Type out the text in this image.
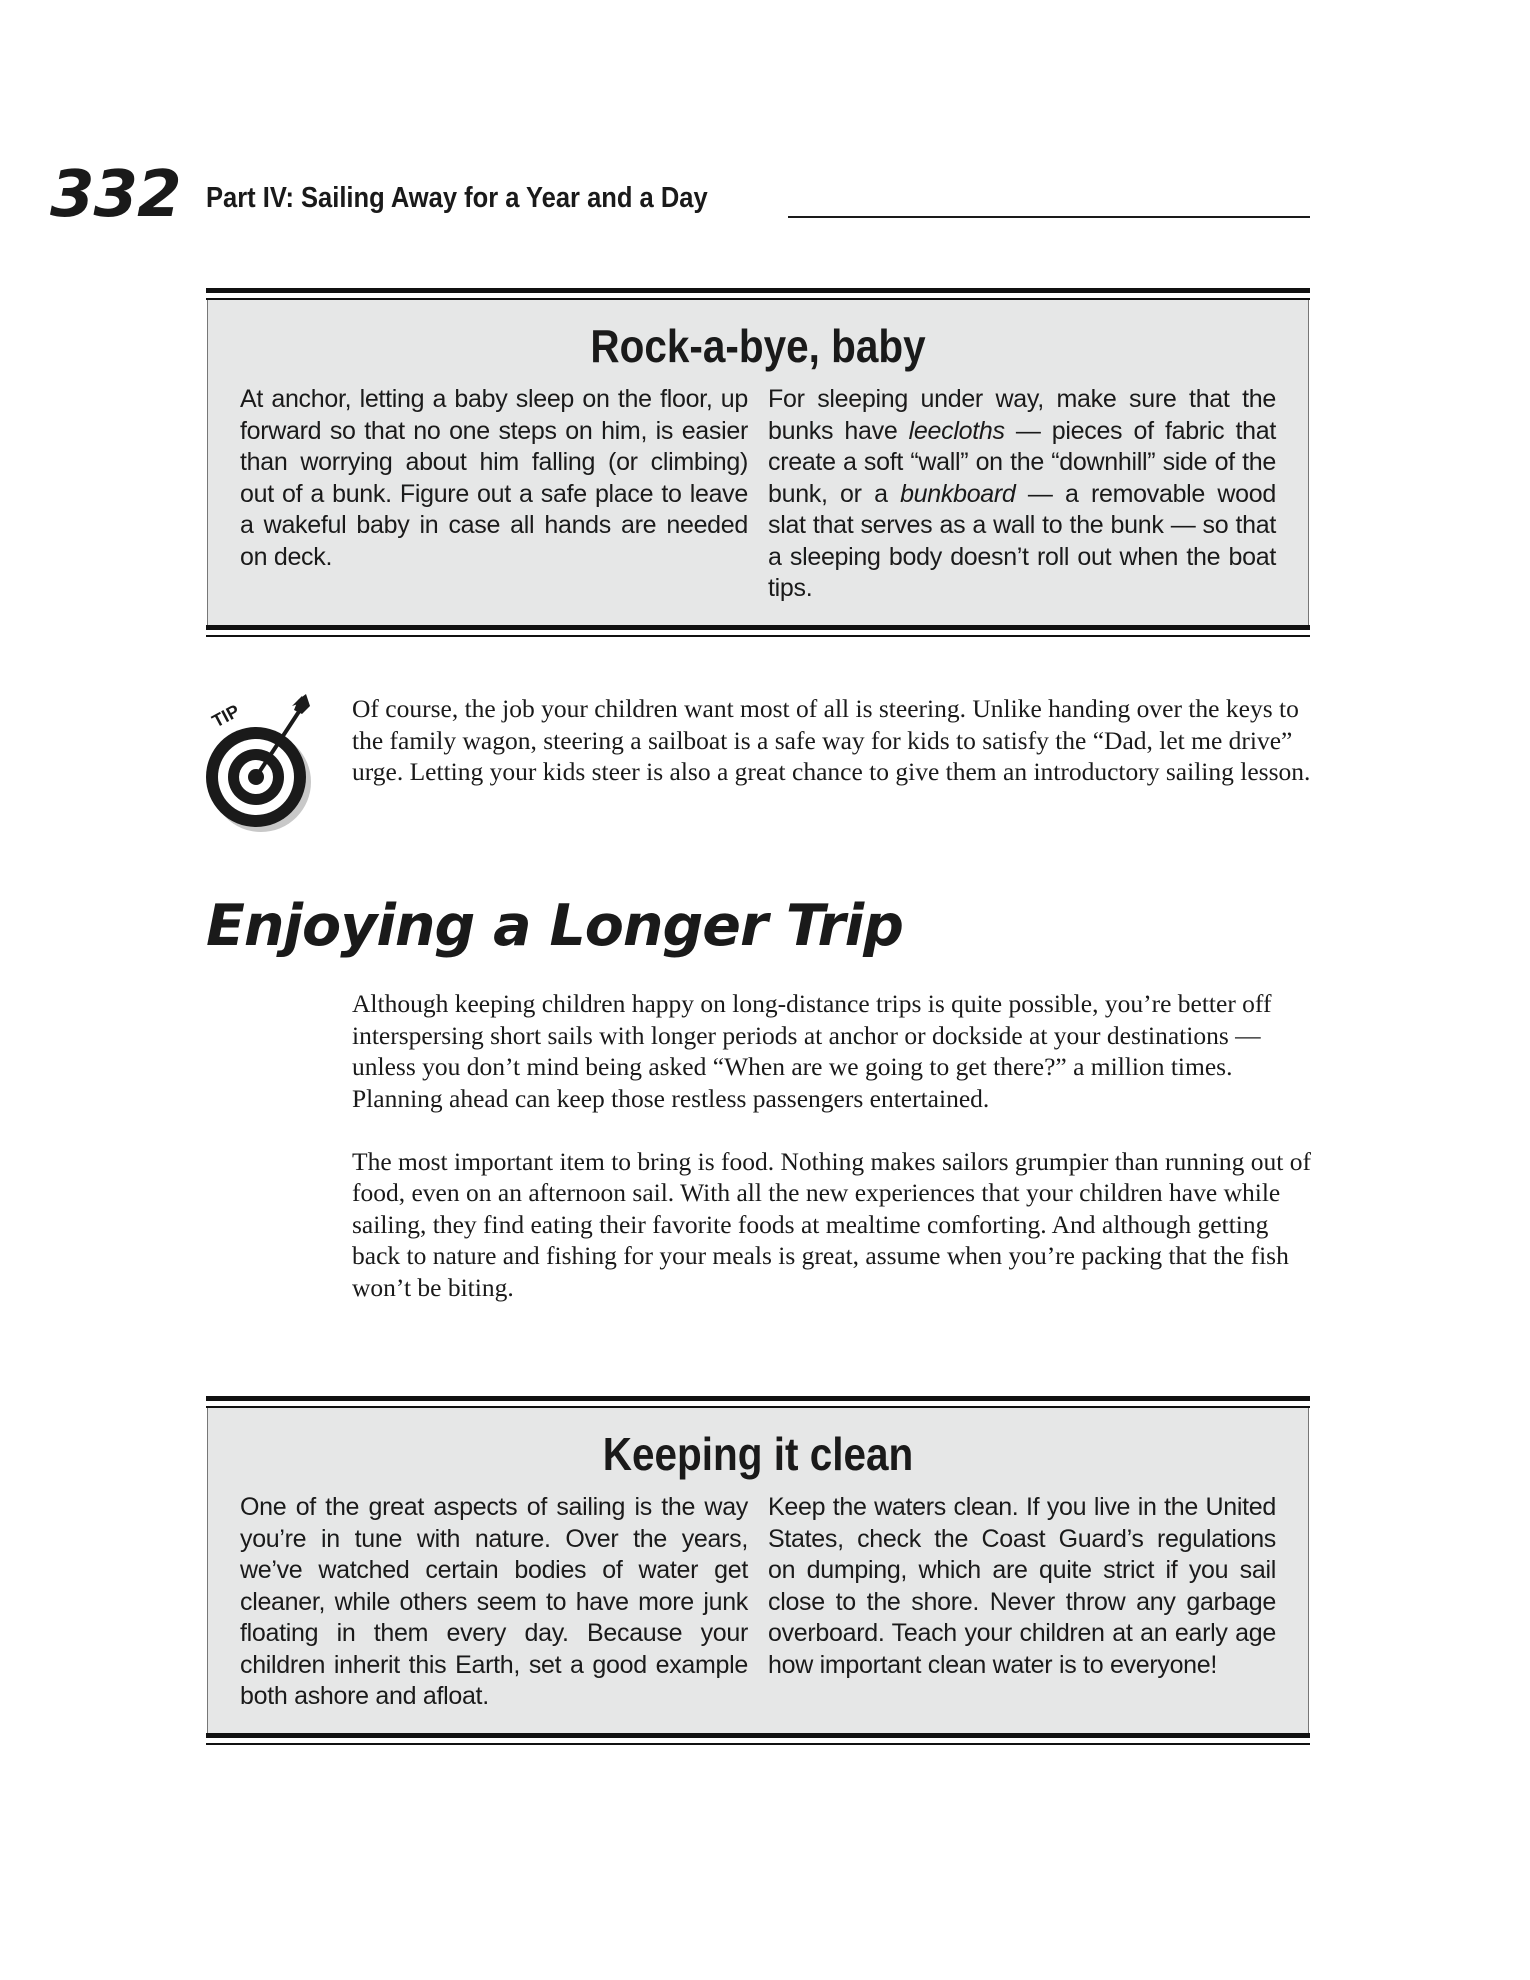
332 Part IV: Sailing Away for a Year and a Day
Rock-a-bye, baby
At anchor, letting a baby sleep on the floor, up forward so that no one steps on him, is easier than worrying about him falling (or climbing) out of a bunk. Figure out a safe place to leave a wakeful baby in case all hands are needed on deck.
For sleeping under way, make sure that the bunks have leecloths — pieces of fabric that create a soft “wall” on the “downhill” side of the bunk, or a bunkboard — a removable wood slat that serves as a wall to the bunk — so that a sleeping body doesn’t roll out when the boat tips.
TIP	Of course, the job your children want most of all is steering. Unlike handing over the keys to the family wagon, steering a sailboat is a safe way for kids to satisfy the “Dad, let me drive” urge. Letting your kids steer is also a great chance to give them an introductory sailing lesson.

Enjoying a Longer Trip

Although keeping children happy on long-distance trips is quite possible, you’re better off interspersing short sails with longer periods at anchor or dockside at your destinations — unless you don’t mind being asked “When are we going to get there?” a million times. Planning ahead can keep those restless passengers entertained.

The most important item to bring is food. Nothing makes sailors grumpier than running out of food, even on an afternoon sail. With all the new experiences that your children have while sailing, they find eating their favorite foods at mealtime comforting. And although getting back to nature and fishing for your meals is great, assume when you’re packing that the fish won’t be biting.

Keeping it clean
One of the great aspects of sailing is the way you’re in tune with nature. Over the years, we’ve watched certain bodies of water get cleaner, while others seem to have more junk floating in them every day. Because your children inherit this Earth, set a good example both ashore and afloat.
Keep the waters clean. If you live in the United States, check the Coast Guard’s regulations on dumping, which are quite strict if you sail close to the shore. Never throw any garbage overboard. Teach your children at an early age how important clean water is to everyone!
